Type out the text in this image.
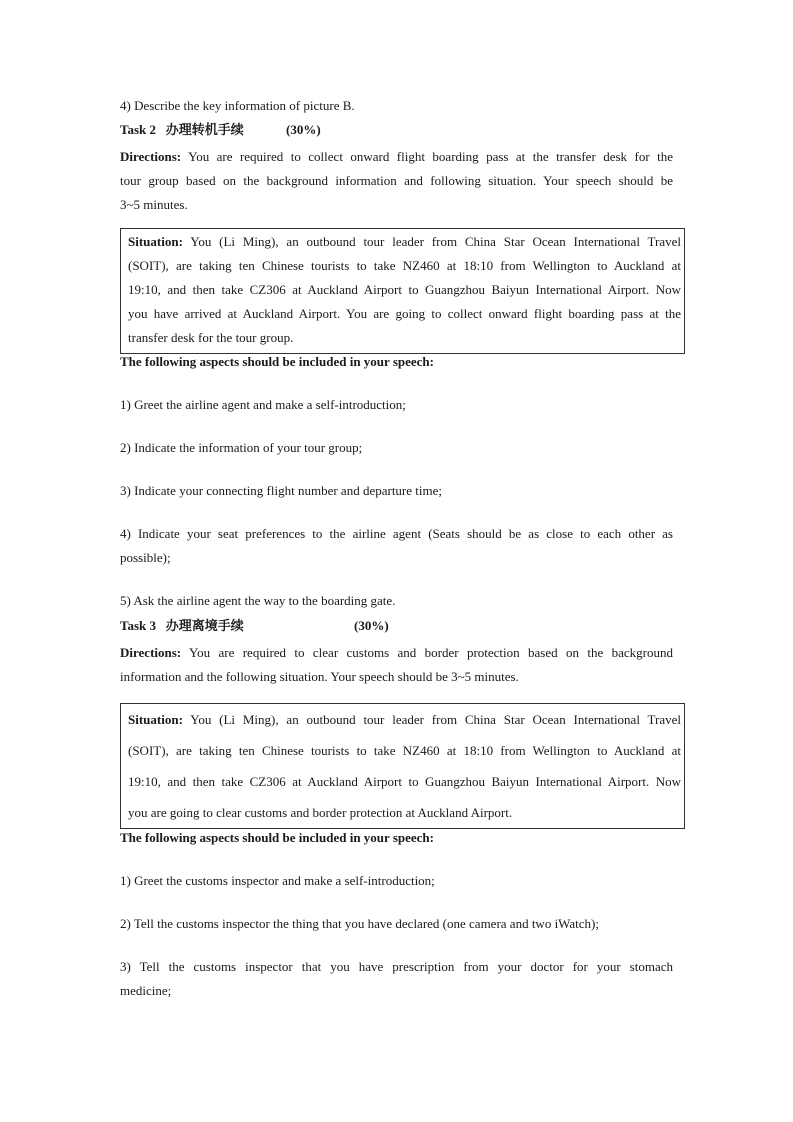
4) Describe the key information of picture B.

Task 2 办理转机手续	(30%)

Directions: You are required to collect onward flight boarding pass at the transfer desk for the

tour group based on the background information and following situation. Your speech should be

3~5 minutes.

Situation: You (Li Ming), an outbound tour leader from China Star Ocean International Travel

(SOIT), are taking ten Chinese tourists to take NZ460 at 18:10 from Wellington to Auckland at

19:10, and then take CZ306 at Auckland Airport to Guangzhou Baiyun International Airport. Now

you have arrived at Auckland Airport. You are going to collect onward flight boarding pass at the

transfer desk for the tour group.

The following aspects should be included in your speech:

1) Greet the airline agent and make a self-introduction;

2) Indicate the information of your tour group;

3) Indicate your connecting flight number and departure time;

4) Indicate your seat preferences to the airline agent (Seats should be as close to each other as

possible);

5) Ask the airline agent the way to the boarding gate.

Task 3 办理离境手续	(30%)

Directions: You are required to clear customs and border protection based on the background

information and the following situation. Your speech should be 3~5 minutes.

Situation: You (Li Ming), an outbound tour leader from China Star Ocean International Travel

(SOIT), are taking ten Chinese tourists to take NZ460 at 18:10 from Wellington to Auckland at

19:10, and then take CZ306 at Auckland Airport to Guangzhou Baiyun International Airport. Now

you are going to clear customs and border protection at Auckland Airport.

The following aspects should be included in your speech:

1) Greet the customs inspector and make a self-introduction;

2) Tell the customs inspector the thing that you have declared (one camera and two iWatch);

3) Tell the customs inspector that you have prescription from your doctor for your stomach

medicine;
